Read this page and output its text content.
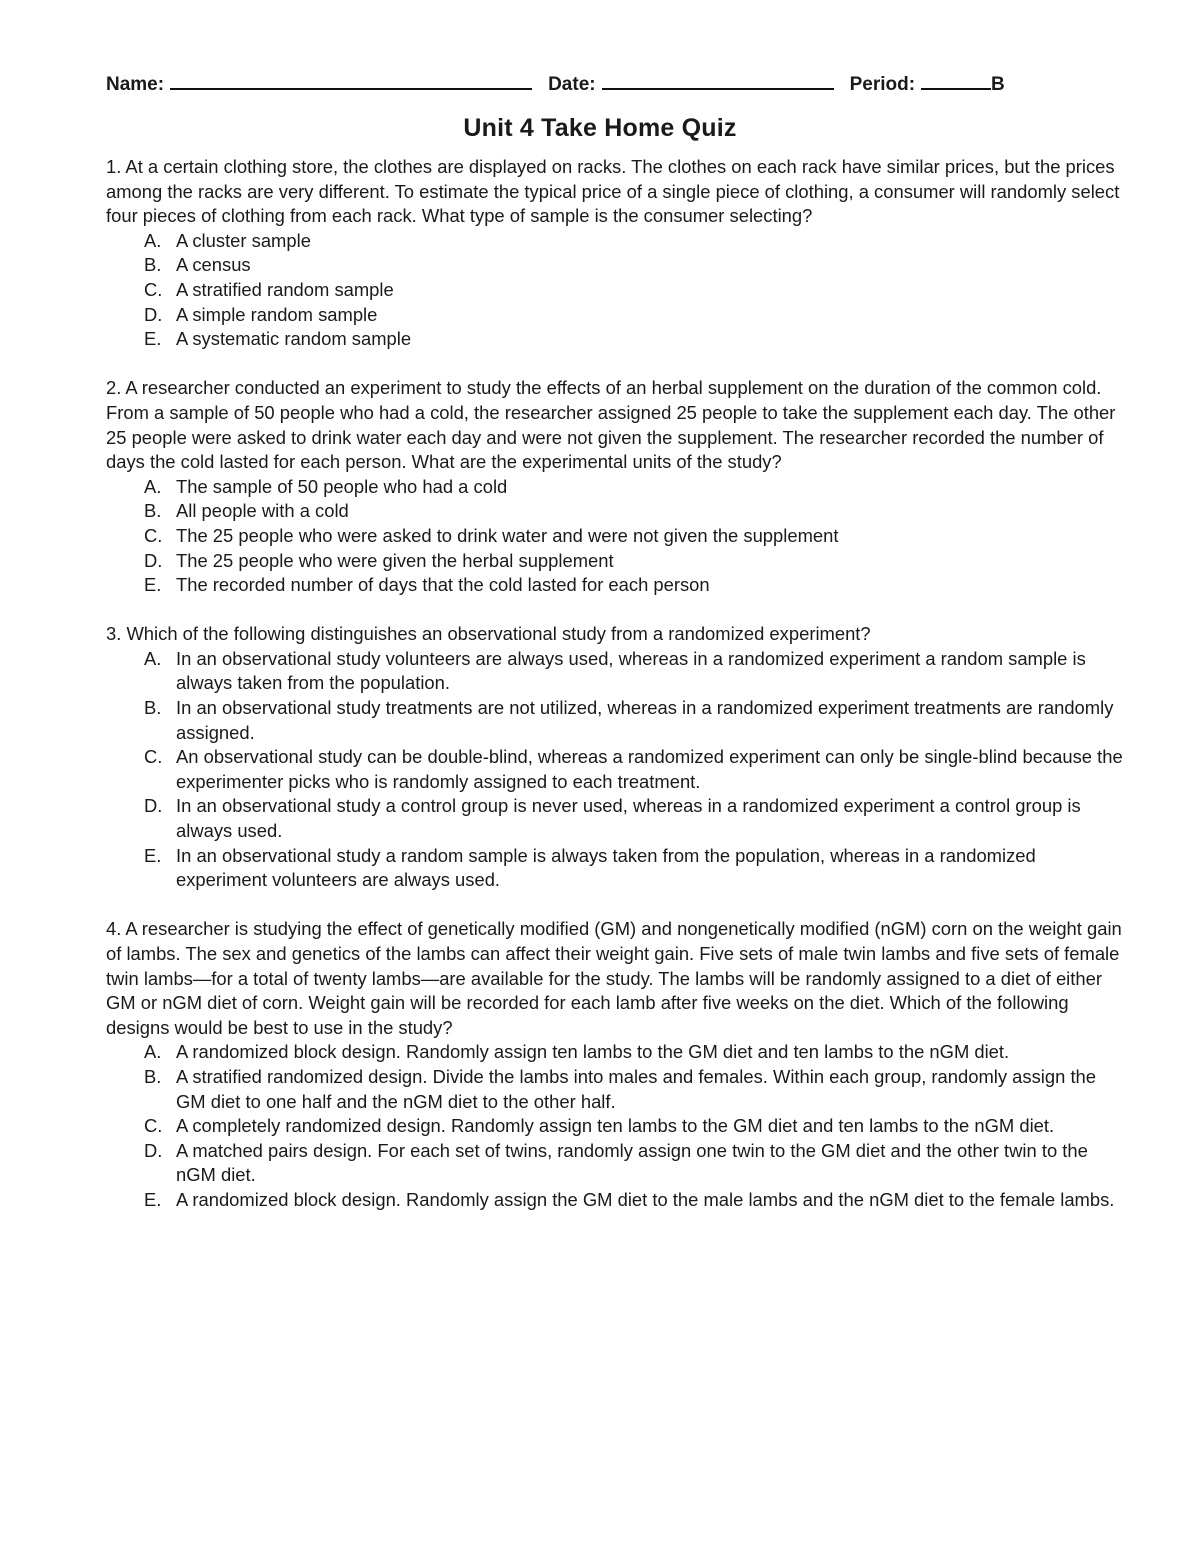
Name:	Date:	Period:	B
Unit 4 Take Home Quiz

1. At a certain clothing store, the clothes are displayed on racks. The clothes on each rack have similar prices, but the prices among the racks are very different. To estimate the typical price of a single piece of clothing, a consumer will randomly select four pieces of clothing from each rack. What type of sample is the consumer selecting?

A. A cluster sample
B. A census
C. A stratified random sample
D. A simple random sample
E. A systematic random sample

2. A researcher conducted an experiment to study the effects of an herbal supplement on the duration of the common cold. From a sample of 50 people who had a cold, the researcher assigned 25 people to take the supplement each day. The other 25 people were asked to drink water each day and were not given the supplement. The researcher recorded the number of days the cold lasted for each person. What are the experimental units of the study?

A. The sample of 50 people who had a cold
B. All people with a cold
C. The 25 people who were asked to drink water and were not given the supplement
D. The 25 people who were given the herbal supplement
E. The recorded number of days that the cold lasted for each person

3. Which of the following distinguishes an observational study from a randomized experiment?

A. In an observational study volunteers are always used, whereas in a randomized experiment a random sample is always taken from the population.
B. In an observational study treatments are not utilized, whereas in a randomized experiment treatments are randomly assigned.
C. An observational study can be double-blind, whereas a randomized experiment can only be single-blind because the experimenter picks who is randomly assigned to each treatment.
D. In an observational study a control group is never used, whereas in a randomized experiment a control group is always used.
E. In an observational study a random sample is always taken from the population, whereas in a randomized experiment volunteers are always used.

4. A researcher is studying the effect of genetically modified (GM) and nongenetically modified (nGM) corn on the weight gain of lambs. The sex and genetics of the lambs can affect their weight gain. Five sets of male twin lambs and five sets of female twin lambs—for a total of twenty lambs—are available for the study. The lambs will be randomly assigned to a diet of either GM or nGM diet of corn. Weight gain will be recorded for each lamb after five weeks on the diet. Which of the following designs would be best to use in the study?

A. A randomized block design. Randomly assign ten lambs to the GM diet and ten lambs to the nGM diet.
B. A stratified randomized design. Divide the lambs into males and females. Within each group, randomly assign the GM diet to one half and the nGM diet to the other half.
C. A completely randomized design. Randomly assign ten lambs to the GM diet and ten lambs to the nGM diet.
D. A matched pairs design. For each set of twins, randomly assign one twin to the GM diet and the other twin to the nGM diet.
E. A randomized block design. Randomly assign the GM diet to the male lambs and the nGM diet to the female lambs.
